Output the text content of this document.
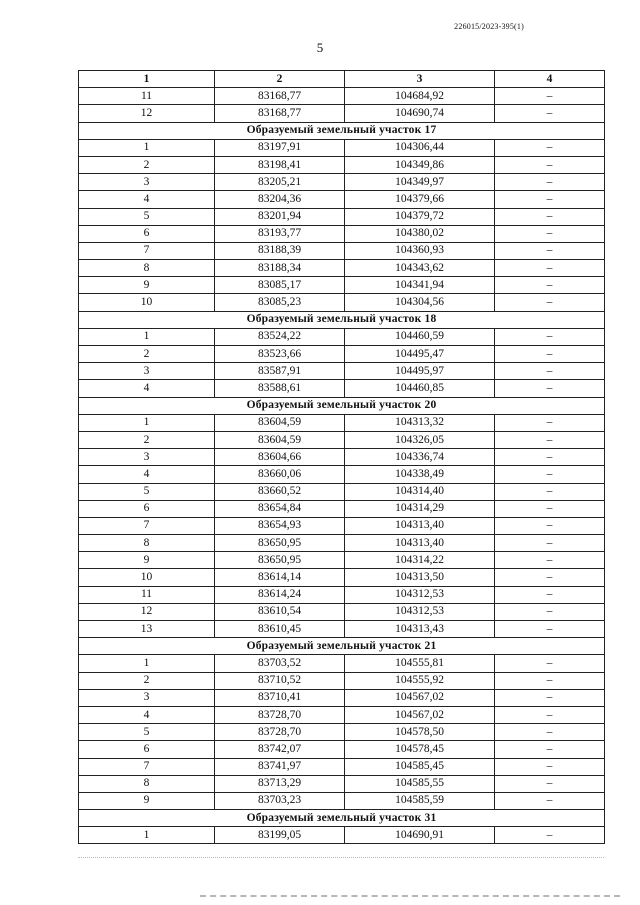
226015/2023-395(1)
5
1	2	3	4
11	83168,77	104684,92	–
12	83168,77	104690,74	–
Образуемый земельный участок 17			
1	83197,91	104306,44	–
2	83198,41	104349,86	–
3	83205,21	104349,97	–
4	83204,36	104379,66	–
5	83201,94	104379,72	–
6	83193,77	104380,02	–
7	83188,39	104360,93	–
8	83188,34	104343,62	–
9	83085,17	104341,94	–
10	83085,23	104304,56	–
Образуемый земельный участок 18			
1	83524,22	104460,59	–
2	83523,66	104495,47	–
3	83587,91	104495,97	–
4	83588,61	104460,85	–
Образуемый земельный участок 20			
1	83604,59	104313,32	–
2	83604,59	104326,05	–
3	83604,66	104336,74	–
4	83660,06	104338,49	–
5	83660,52	104314,40	–
6	83654,84	104314,29	–
7	83654,93	104313,40	–
8	83650,95	104313,40	–
9	83650,95	104314,22	–
10	83614,14	104313,50	–
11	83614,24	104312,53	–
12	83610,54	104312,53	–
13	83610,45	104313,43	–
Образуемый земельный участок 21			
1	83703,52	104555,81	–
2	83710,52	104555,92	–
3	83710,41	104567,02	–
4	83728,70	104567,02	–
5	83728,70	104578,50	–
6	83742,07	104578,45	–
7	83741,97	104585,45	–
8	83713,29	104585,55	–
9	83703,23	104585,59	–
Образуемый земельный участок 31			
1	83199,05	104690,91	–
